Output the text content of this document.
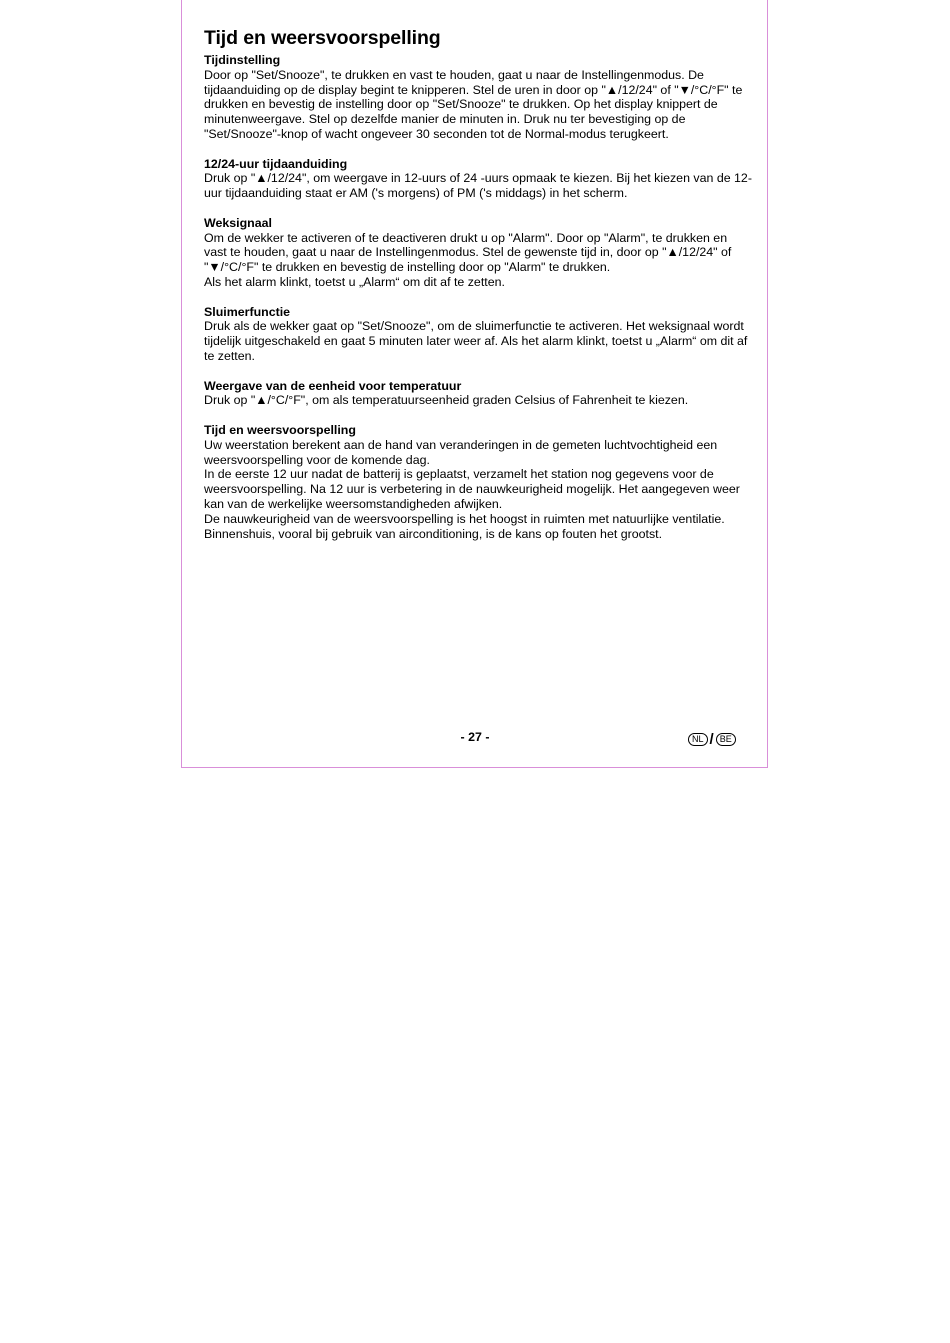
Tijd en weersvoorspelling

Tijdinstelling

Door op "Set/Snooze", te drukken en vast te houden, gaat u naar de Instellingenmodus. De tijdaanduiding op de display begint te knipperen. Stel de uren in door op "▲/12/24" of "▼/°C/°F" te drukken en bevestig de instelling door op "Set/Snooze" te drukken. Op het display knippert de minutenweergave. Stel op dezelfde manier de minuten in. Druk nu ter bevestiging op de "Set/Snooze"-knop of wacht ongeveer 30 seconden tot de Normal-modus terugkeert.

12/24-uur tijdaanduiding

Druk op "▲/12/24", om weergave in 12-uurs of 24 -uurs opmaak te kiezen. Bij het kiezen van de 12-uur tijdaanduiding staat er AM ('s morgens) of PM ('s middags) in het scherm.

Weksignaal

Om de wekker te activeren of te deactiveren drukt u op "Alarm". Door op "Alarm", te drukken en vast te houden, gaat u naar de Instellingenmodus. Stel de gewenste tijd in, door op "▲/12/24" of "▼/°C/°F" te drukken en bevestig de instelling door op "Alarm" te drukken.

Als het alarm klinkt, toetst u „Alarm“ om dit af te zetten.

Sluimerfunctie

Druk als de wekker gaat op "Set/Snooze", om de sluimerfunctie te activeren. Het weksignaal wordt tijdelijk uitgeschakeld en gaat 5 minuten later weer af. Als het alarm klinkt, toetst u „Alarm“ om dit af te zetten.

Weergave van de eenheid voor temperatuur

Druk op "▲/°C/°F", om als temperatuurseenheid graden Celsius of Fahrenheit te kiezen.

Tijd en weersvoorspelling

Uw weerstation berekent aan de hand van veranderingen in de gemeten luchtvochtigheid een weersvoorspelling voor de komende dag.

In de eerste 12 uur nadat de batterij is geplaatst, verzamelt het station nog gegevens voor de weersvoorspelling. Na 12 uur is verbetering in de nauwkeurigheid mogelijk. Het aangegeven weer kan van de werkelijke weersomstandigheden afwijken.

De nauwkeurigheid van de weersvoorspelling is het hoogst in ruimten met natuurlijke ventilatie. Binnenshuis, vooral bij gebruik van airconditioning, is de kans op fouten het grootst.

- 27 -	NL / BE
